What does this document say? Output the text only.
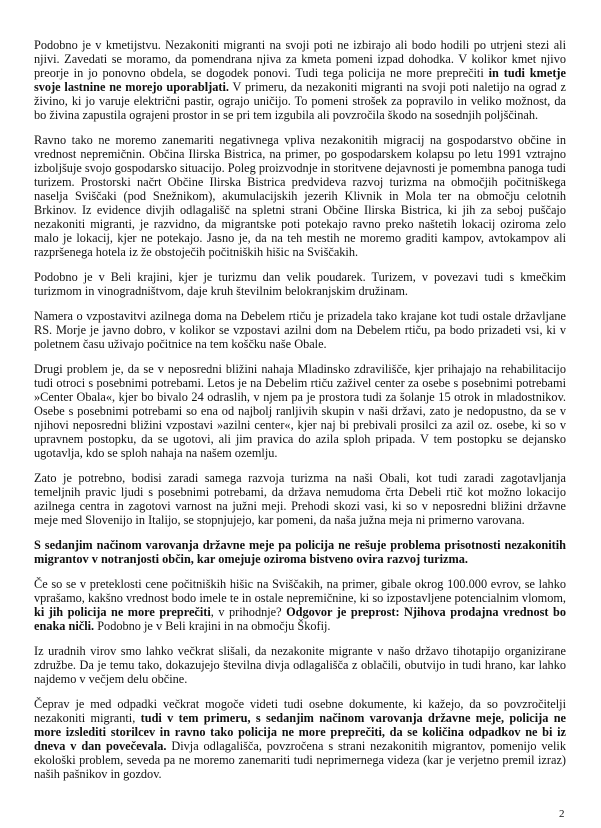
Podobno je v kmetijstvu. Nezakoniti migranti na svoji poti ne izbirajo ali bodo hodili po utrjeni stezi ali njivi. Zavedati se moramo, da pomendrana njiva za kmeta pomeni izpad dohodka. V kolikor kmet njivo preorje in jo ponovno obdela, se dogodek ponovi. Tudi tega policija ne more preprečiti in tudi kmetje svoje lastnine ne morejo uporabljati. V primeru, da nezakoniti migranti na svoji poti naletijo na ograd z živino, ki jo varuje električni pastir, ograjo uničijo. To pomeni strošek za popravilo in veliko možnost, da bo živina zapustila ograjeni prostor in se pri tem izgubila ali povzročila škodo na sosednjih poljščinah.

Ravno tako ne moremo zanemariti negativnega vpliva nezakonitih migracij na gospodarstvo občine in vrednost nepremičnin. Občina Ilirska Bistrica, na primer, po gospodarskem kolapsu po letu 1991 vztrajno izboljšuje svojo gospodarsko situacijo. Poleg proizvodnje in storitvene dejavnosti je pomembna panoga tudi turizem. Prostorski načrt Občine Ilirska Bistrica predvideva razvoj turizma na območjih počitniškega naselja Sviščaki (pod Snežnikom), akumulacijskih jezerih Klivnik in Mola ter na območju celotnih Brkinov. Iz evidence divjih odlagališč na spletni strani Občine Ilirska Bistrica, ki jih za seboj puščajo nezakoniti migranti, je razvidno, da migrantske poti potekajo ravno preko naštetih lokacij oziroma zelo malo je lokacij, kjer ne potekajo. Jasno je, da na teh mestih ne moremo graditi kampov, avtokampov ali razpršenega hotela iz že obstoječih počitniških hišic na Sviščakih.

Podobno je v Beli krajini, kjer je turizmu dan velik poudarek. Turizem, v povezavi tudi s kmečkim turizmom in vinogradništvom, daje kruh številnim belokranjskim družinam.

Namera o vzpostavitvi azilnega doma na Debelem rtiču je prizadela tako krajane kot tudi ostale državljane RS. Morje je javno dobro, v kolikor se vzpostavi azilni dom na Debelem rtiču, pa bodo prizadeti vsi, ki v poletnem času uživajo počitnice na tem koščku naše Obale.

Drugi problem je, da se v neposredni bližini nahaja Mladinsko zdravilišče, kjer prihajajo na rehabilitacijo tudi otroci s posebnimi potrebami. Letos je na Debelim rtiču zaživel center za osebe s posebnimi potrebami »Center Obala«, kjer bo bivalo 24 odraslih, v njem pa je prostora tudi za šolanje 15 otrok in mladostnikov. Osebe s posebnimi potrebami so ena od najbolj ranljivih skupin v naši državi, zato je nedopustno, da se v njihovi neposredni bližini vzpostavi »azilni center«, kjer naj bi prebivali prosilci za azil oz. osebe, ki so v upravnem postopku, da se ugotovi, ali jim pravica do azila sploh pripada. V tem postopku se dejansko ugotavlja, kdo se sploh nahaja na našem ozemlju.

Zato je potrebno, bodisi zaradi samega razvoja turizma na naši Obali, kot tudi zaradi zagotavljanja temeljnih pravic ljudi s posebnimi potrebami, da država nemudoma črta Debeli rtič kot možno lokacijo azilnega centra in zagotovi varnost na južni meji. Prehodi skozi vasi, ki so v neposredni bližini državne meje med Slovenijo in Italijo, se stopnjujejo, kar pomeni, da naša južna meja ni primerno varovana.

S sedanjim načinom varovanja državne meje pa policija ne rešuje problema prisotnosti nezakonitih migrantov v notranjosti občin, kar omejuje oziroma bistveno ovira razvoj turizma.

Če so se v preteklosti cene počitniških hišic na Sviščakih, na primer, gibale okrog 100.000 evrov, se lahko vprašamo, kakšno vrednost bodo imele te in ostale nepremičnine, ki so izpostavljene potencialnim vlomom, ki jih policija ne more preprečiti, v prihodnje? Odgovor je preprost: Njihova prodajna vrednost bo enaka ničli. Podobno je v Beli krajini in na območju Škofij.

Iz uradnih virov smo lahko večkrat slišali, da nezakonite migrante v našo državo tihotapijo organizirane združbe. Da je temu tako, dokazujejo številna divja odlagališča z oblačili, obutvijo in tudi hrano, kar lahko najdemo v večjem delu občine.

Čeprav je med odpadki večkrat mogoče videti tudi osebne dokumente, ki kažejo, da so povzročitelji nezakoniti migranti, tudi v tem primeru, s sedanjim načinom varovanja državne meje, policija ne more izslediti storilcev in ravno tako policija ne more preprečiti, da se količina odpadkov ne bi iz dneva v dan povečevala. Divja odlagališča, povzročena s strani nezakonitih migrantov, pomenijo velik ekološki problem, seveda pa ne moremo zanemariti tudi neprimernega videza (kar je verjetno premil izraz) naših pašnikov in gozdov.

2
